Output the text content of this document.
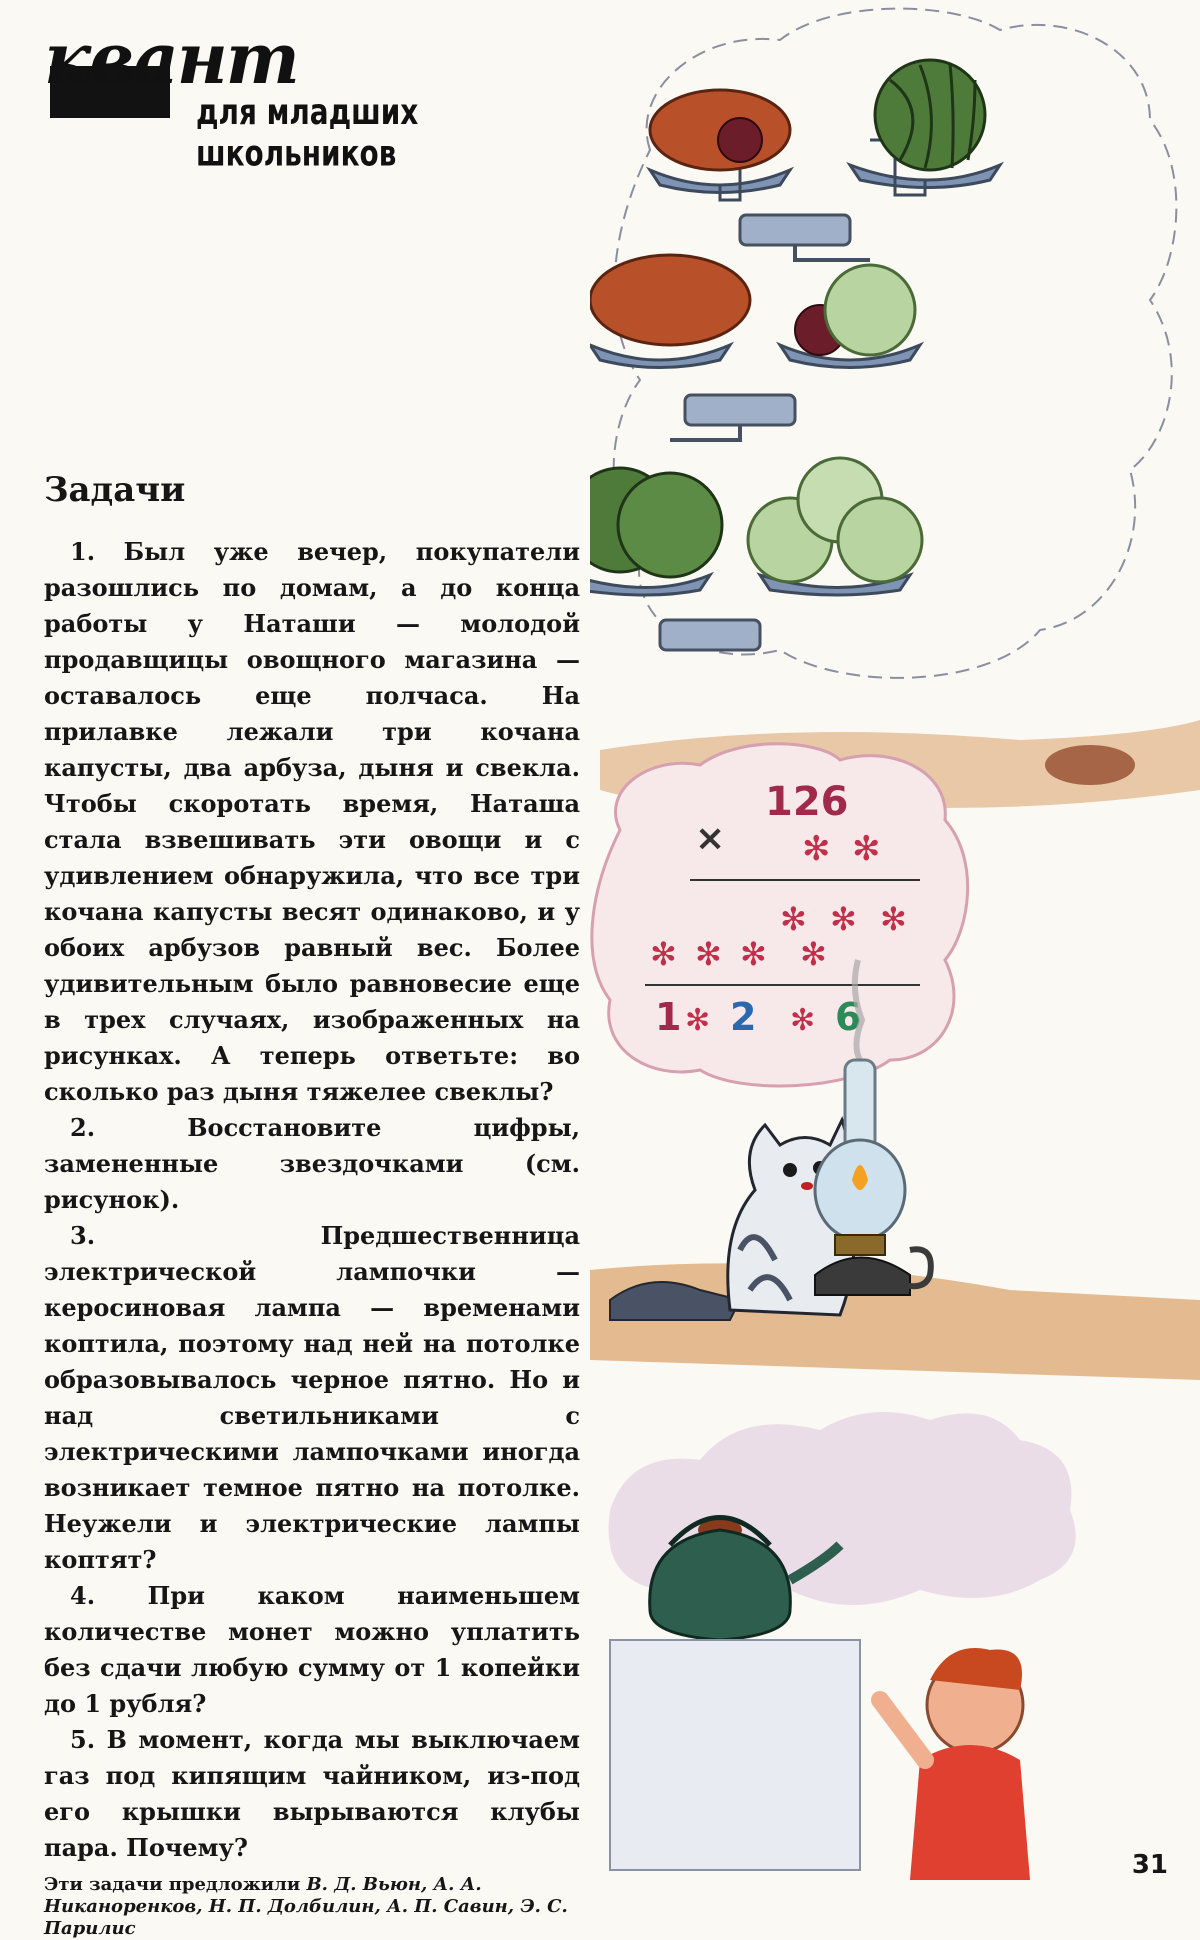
квант
для младших школьников
Задачи

1. Был уже вечер, покупатели разошлись по домам, а до конца работы у Наташи — молодой продавщицы овощного магазина — оставалось еще полчаса. На прилавке лежали три кочана капусты, два арбуза, дыня и свекла. Чтобы скоротать время, Наташа стала взвешивать эти овощи и с удивлением обнаружила, что все три кочана капусты весят одинаково, и у обоих арбузов равный вес. Более удивительным было равновесие еще в трех случаях, изображенных на рисунках. А теперь ответьте: во сколько раз дыня тяжелее свеклы?

2. Восстановите цифры, замененные звездочками (см. рисунок).

3. Предшественница электрической лампочки — керосиновая лампа — временами коптила, поэтому над ней на потолке образовывалось черное пятно. Но и над светильниками с электрическими лампочками иногда возникает темное пятно на потолке. Неужели и электрические лампы коптят?

4. При каком наименьшем количестве монет можно уплатить без сдачи любую сумму от 1 копейки до 1 рубля?

5. В момент, когда мы выключаем газ под кипящим чайником, из-под его крышки вырываются клубы пара. Почему?

Эти задачи предложили В. Д. Вьюн, А. А. Никаноренков, Н. П. Долбилин, А. П. Савин, Э. С. Парилис
126
× ✻ ✻
✻ ✻ ✻
✻ ✻ ✻ ✻
1 ✻ 2 ✻ 6
31
